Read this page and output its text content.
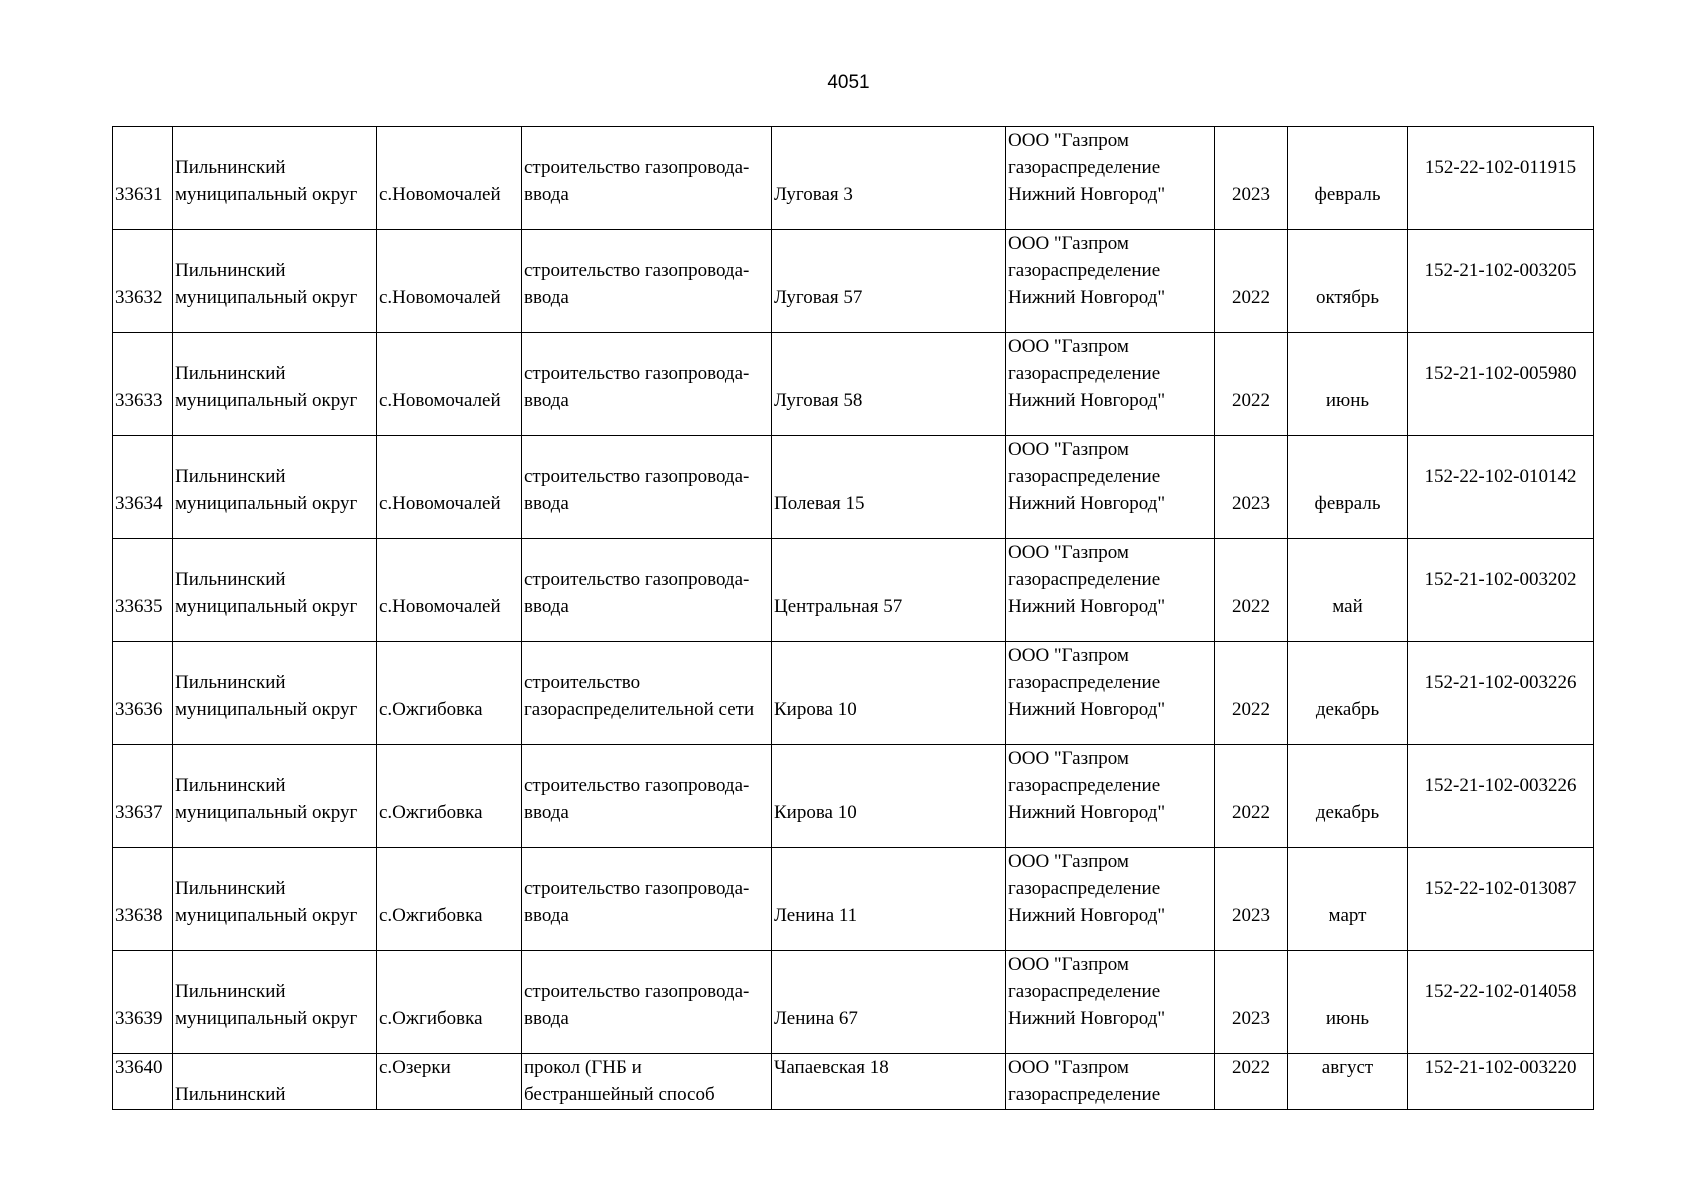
4051
33631	Пильнинский
муниципальный округ	с.Новомочалей	строительство газопровода-
ввода	Луговая 3	ООО "Газпром
газораспределение
Нижний Новгород"	2023	февраль	152-22-102-011915

33632	Пильнинский
муниципальный округ	с.Новомочалей	строительство газопровода-
ввода	Луговая 57	ООО "Газпром
газораспределение
Нижний Новгород"	2022	октябрь	152-21-102-003205

33633	Пильнинский
муниципальный округ	с.Новомочалей	строительство газопровода-
ввода	Луговая 58	ООО "Газпром
газораспределение
Нижний Новгород"	2022	июнь	152-21-102-005980

33634	Пильнинский
муниципальный округ	с.Новомочалей	строительство газопровода-
ввода	Полевая 15	ООО "Газпром
газораспределение
Нижний Новгород"	2023	февраль	152-22-102-010142

33635	Пильнинский
муниципальный округ	с.Новомочалей	строительство газопровода-
ввода	Центральная 57	ООО "Газпром
газораспределение
Нижний Новгород"	2022	май	152-21-102-003202

33636	Пильнинский
муниципальный округ	с.Ожгибовка	строительство
газораспределительной сети	Кирова 10	ООО "Газпром
газораспределение
Нижний Новгород"	2022	декабрь	152-21-102-003226

33637	Пильнинский
муниципальный округ	с.Ожгибовка	строительство газопровода-
ввода	Кирова 10	ООО "Газпром
газораспределение
Нижний Новгород"	2022	декабрь	152-21-102-003226

33638	Пильнинский
муниципальный округ	с.Ожгибовка	строительство газопровода-
ввода	Ленина 11	ООО "Газпром
газораспределение
Нижний Новгород"	2023	март	152-22-102-013087

33639	Пильнинский
муниципальный округ	с.Ожгибовка	строительство газопровода-
ввода	Ленина 67	ООО "Газпром
газораспределение
Нижний Новгород"	2023	июнь	152-22-102-014058

33640	Пильнинский	с.Озерки	прокол (ГНБ и
бестраншейный способ	Чапаевская 18	ООО "Газпром
газораспределение	2022	август	152-21-102-003220
